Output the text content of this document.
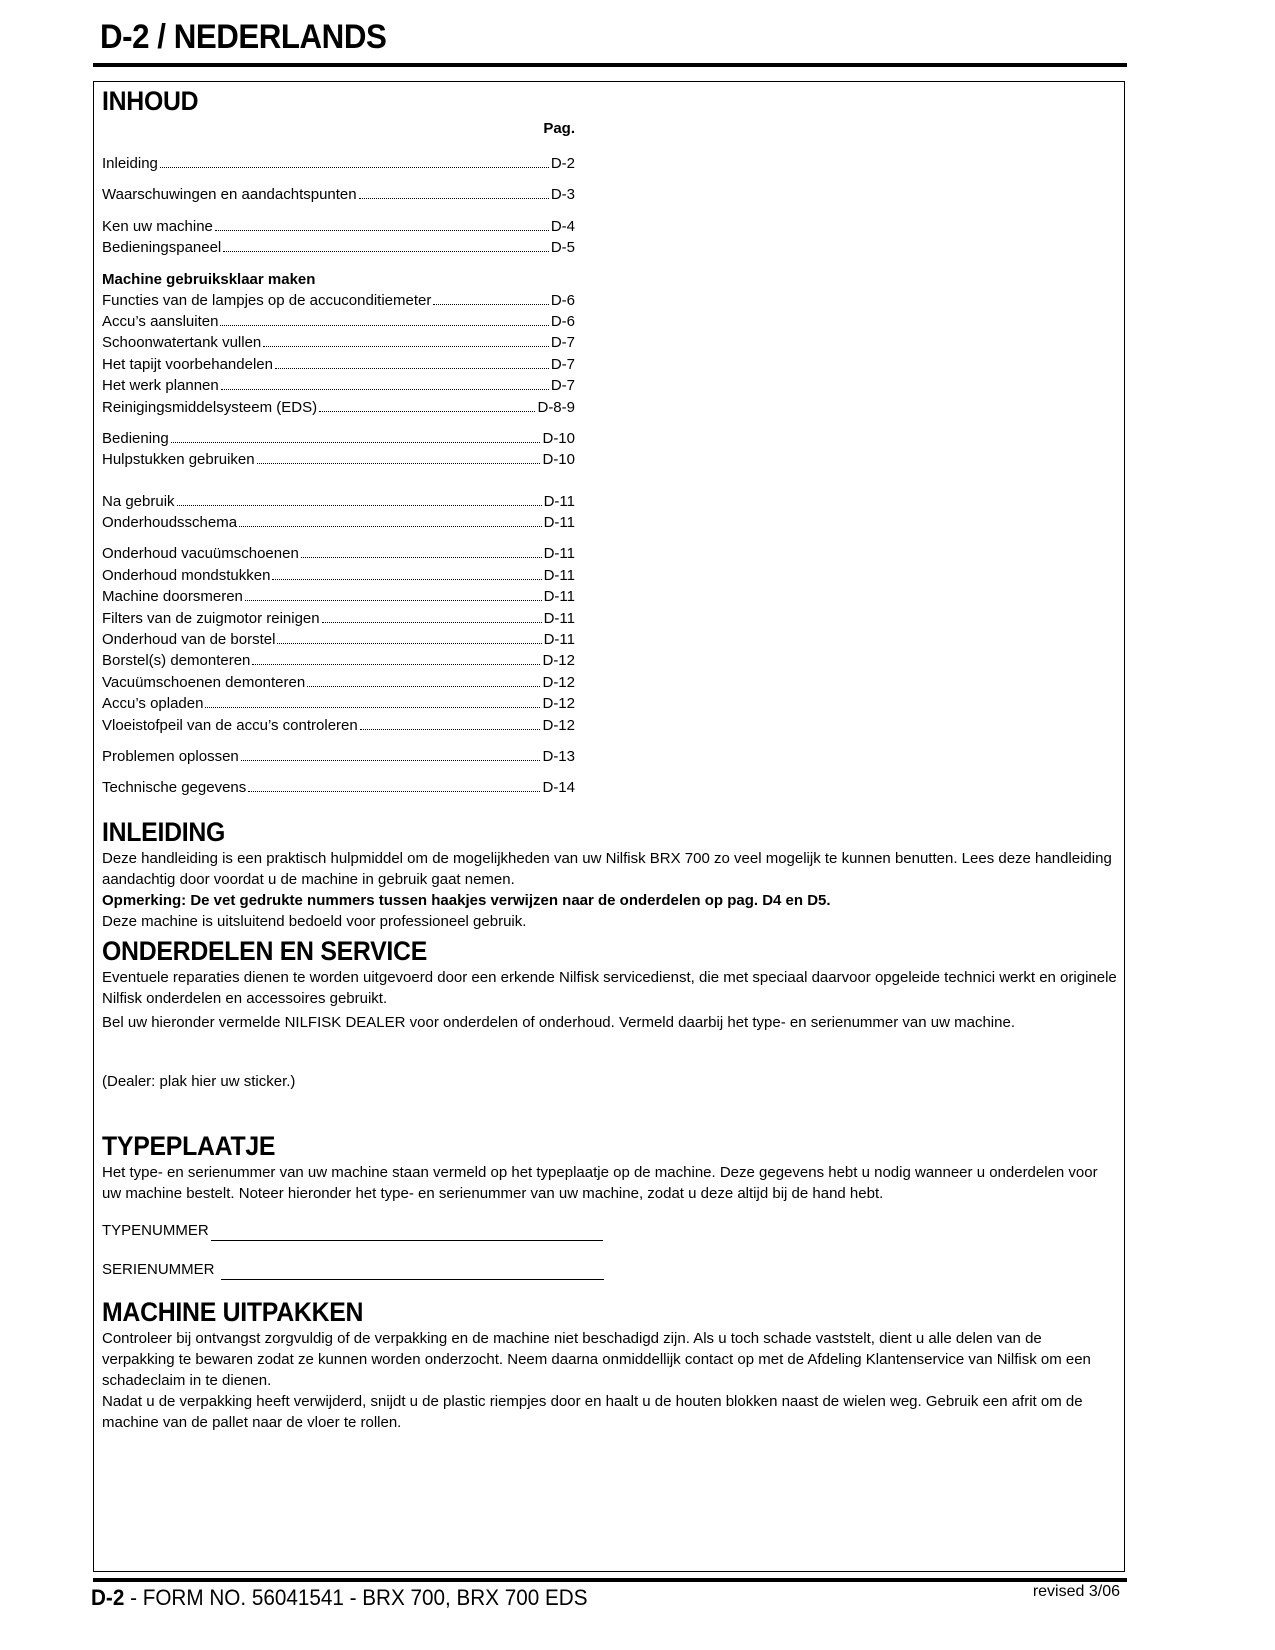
D-2 / NEDERLANDS
INHOUD
Pag.
Inleiding	D-2
Waarschuwingen en aandachtspunten	D-3
Ken uw machine	D-4
Bedieningspaneel	D-5
Machine gebruiksklaar maken
Functies van de lampjes op de accuconditiemeter	D-6
Accu’s aansluiten	D-6
Schoonwatertank vullen	D-7
Het tapijt voorbehandelen	D-7
Het werk plannen	D-7
Reinigingsmiddelsysteem (EDS)	D-8-9
Bediening	D-10
Hulpstukken gebruiken	D-10
Na gebruik	D-11
Onderhoudsschema	D-11
Onderhoud vacuümschoenen	D-11
Onderhoud mondstukken	D-11
Machine doorsmeren	D-11
Filters van de zuigmotor reinigen	D-11
Onderhoud van de borstel	D-11
Borstel(s) demonteren	D-12
Vacuümschoenen demonteren	D-12
Accu’s opladen	D-12
Vloeistofpeil van de accu’s controleren	D-12
Problemen oplossen	D-13
Technische gegevens	D-14
INLEIDING

Deze handleiding is een praktisch hulpmiddel om de mogelijkheden van uw Nilfisk BRX 700 zo veel mogelijk te kunnen benutten. Lees deze handleiding aandachtig door voordat u de machine in gebruik gaat nemen.

Opmerking: De vet gedrukte nummers tussen haakjes verwijzen naar de onderdelen op pag. D4 en D5.

Deze machine is uitsluitend bedoeld voor professioneel gebruik.

ONDERDELEN EN SERVICE

Eventuele reparaties dienen te worden uitgevoerd door een erkende Nilfisk servicedienst, die met speciaal daarvoor opgeleide technici werkt en originele Nilfisk onderdelen en accessoires gebruikt.

Bel uw hieronder vermelde NILFISK DEALER voor onderdelen of onderhoud. Vermeld daarbij het type- en serienummer van uw machine.

(Dealer: plak hier uw sticker.)

TYPEPLAATJE

Het type- en serienummer van uw machine staan vermeld op het typeplaatje op de machine. Deze gegevens hebt u nodig wanneer u onderdelen voor uw machine bestelt. Noteer hieronder het type- en serienummer van uw machine, zodat u deze altijd bij de hand hebt.

TYPENUMMER
SERIENUMMER
MACHINE UITPAKKEN

Controleer bij ontvangst zorgvuldig of de verpakking en de machine niet beschadigd zijn. Als u toch schade vaststelt, dient u alle delen van de verpakking te bewaren zodat ze kunnen worden onderzocht. Neem daarna onmiddellijk contact op met de Afdeling Klantenservice van Nilfisk om een schadeclaim in te dienen.

Nadat u de verpakking heeft verwijderd, snijdt u de plastic riempjes door en haalt u de houten blokken naast de wielen weg. Gebruik een afrit om de machine van de pallet naar de vloer te rollen.

D-2 - FORM NO. 56041541 - BRX 700, BRX 700 EDS	revised 3/06
